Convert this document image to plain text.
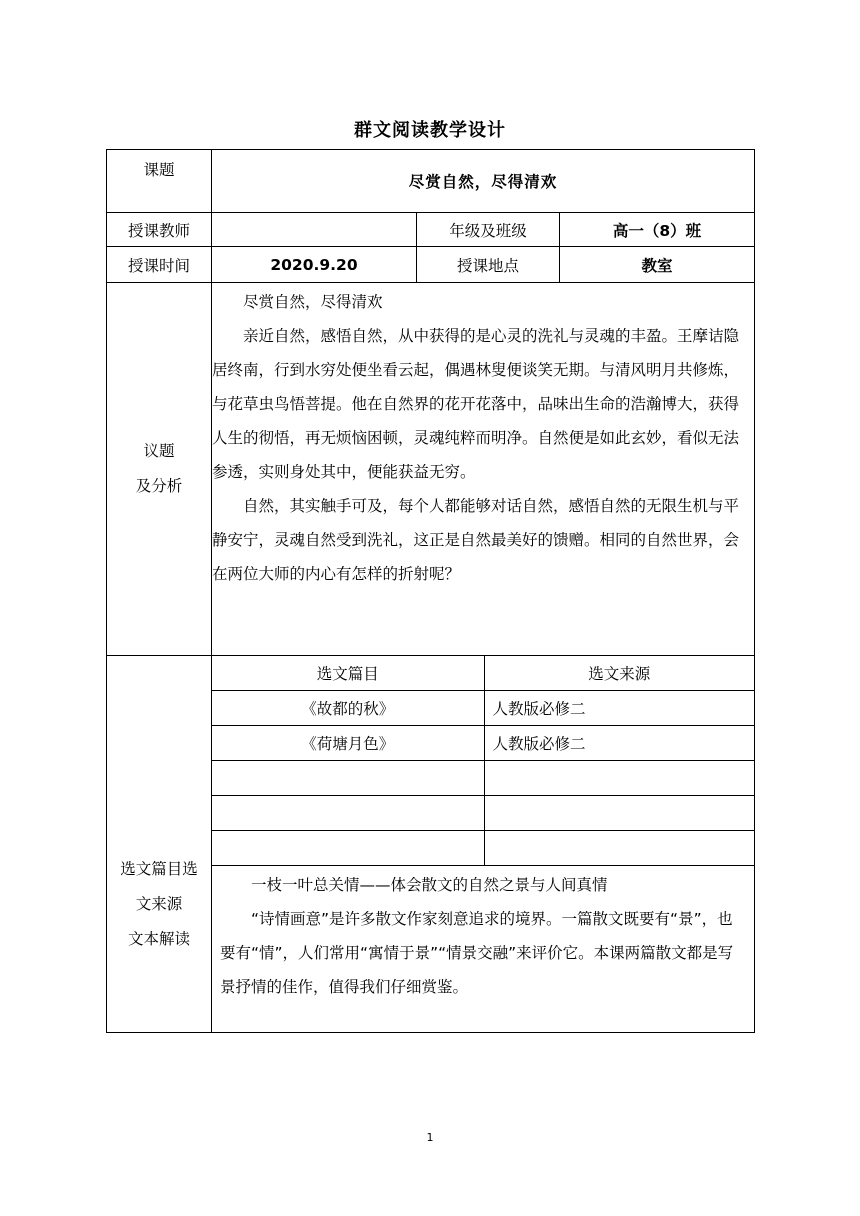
群文阅读教学设计
课题	尽赏自然，尽得清欢
授课教师		年级及班级	高一（8）班
授课时间	2020.9.20	授课地点	教室

议题
及分析

尽赏自然，尽得清欢

亲近自然，感悟自然，从中获得的是心灵的洗礼与灵魂的丰盈。王摩诘隐居终南，行到水穷处便坐看云起，偶遇林叟便谈笑无期。与清风明月共修炼，与花草虫鸟悟菩提。他在自然界的花开花落中，品味出生命的浩瀚博大，获得人生的彻悟，再无烦恼困顿，灵魂纯粹而明净。自然便是如此玄妙，看似无法参透，实则身处其中，便能获益无穷。

自然，其实触手可及，每个人都能够对话自然，感悟自然的无限生机与平静安宁，灵魂自然受到洗礼，这正是自然最美好的馈赠。相同的自然世界，会在两位大师的内心有怎样的折射呢？

选文篇目选
文来源
文本解读

选文篇目	选文来源
《故都的秋》	人教版必修二
《荷塘月色》	人教版必修二

一枝一叶总关情——体会散文的自然之景与人间真情

“诗情画意”是许多散文作家刻意追求的境界。一篇散文既要有“景”，也要有“情”，人们常用“寓情于景”“情景交融”来评价它。本课两篇散文都是写景抒情的佳作，值得我们仔细赏鉴。

1
